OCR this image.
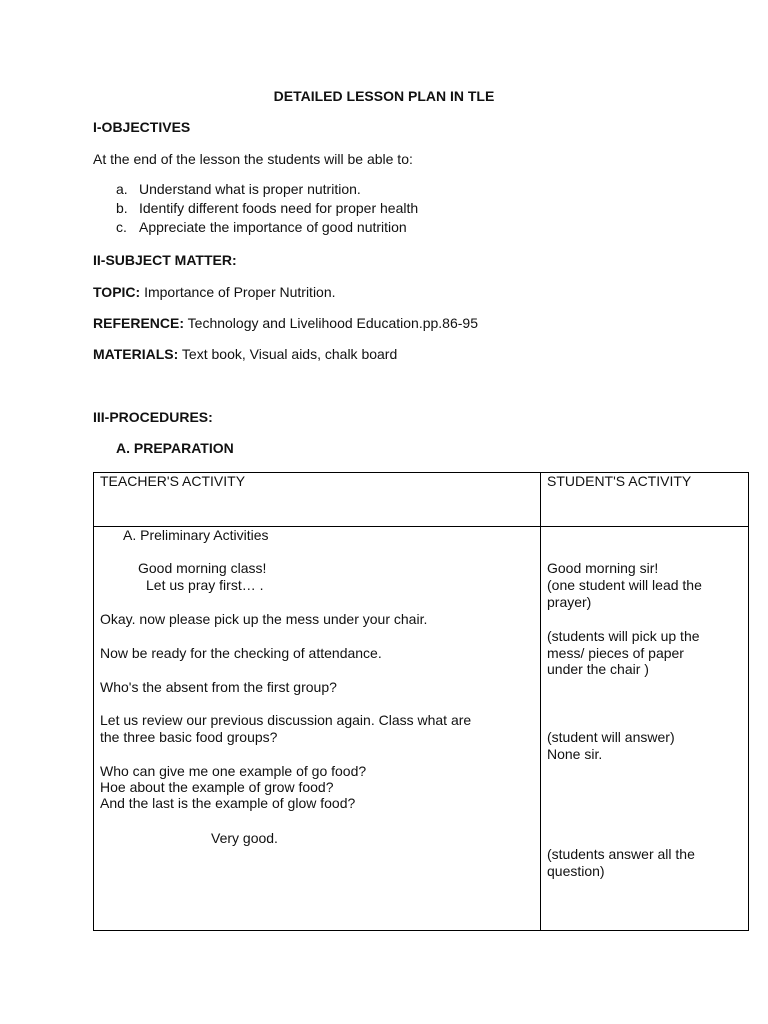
DETAILED LESSON PLAN IN TLE
I-OBJECTIVES
At the end of the lesson the students will be able to:
a. Understand what is proper nutrition.
b. Identify different foods need for proper health
c. Appreciate the importance of good nutrition
II-SUBJECT MATTER:
TOPIC: Importance of Proper Nutrition.
REFERENCE: Technology and Livelihood Education.pp.86-95
MATERIALS: Text book, Visual aids, chalk board
III-PROCEDURES:
A. PREPARATION
TEACHER'S ACTIVITY	STUDENT'S ACTIVITY
A. Preliminary Activities
Good morning class!
Let us pray first… .
Okay. now please pick up the mess under your chair.
Now be ready for the checking of attendance.
Who's the absent from the first group?
Let us review our previous discussion again. Class what are
the three basic food groups?
Who can give me one example of go food?
Hoe about the example of grow food?
And the last is the example of glow food?
Very good.
Good morning sir!
(one student will lead the
prayer)
(students will pick up the
mess/ pieces of paper
under the chair )
(student will answer)
None sir.
(students answer all the
question)
